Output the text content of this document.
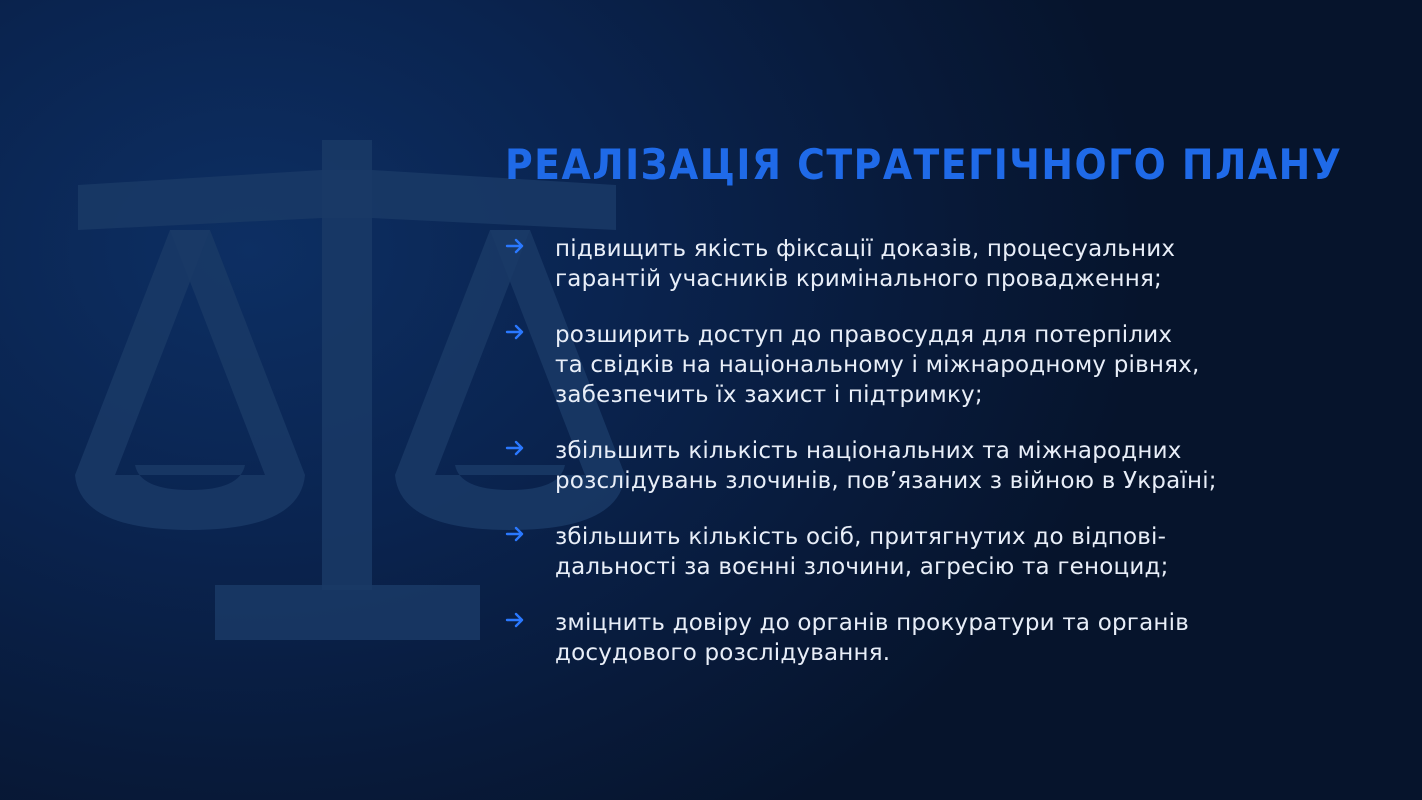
РЕАЛІЗАЦІЯ СТРАТЕГІЧНОГО ПЛАНУ
підвищить якість фіксації доказів, процесуальних
гарантій учасників кримінального провадження;
розширить доступ до правосуддя для потерпілих
та свідків на національному і міжнародному рівнях,
забезпечить їх захист і підтримку;
збільшить кількість національних та міжнародних
розслідувань злочинів, пов’язаних з війною в Україні;
збільшить кількість осіб, притягнутих до відпові-
дальності за воєнні злочини, агресію та геноцид;
зміцнить довіру до органів прокуратури та органів
досудового розслідування.
